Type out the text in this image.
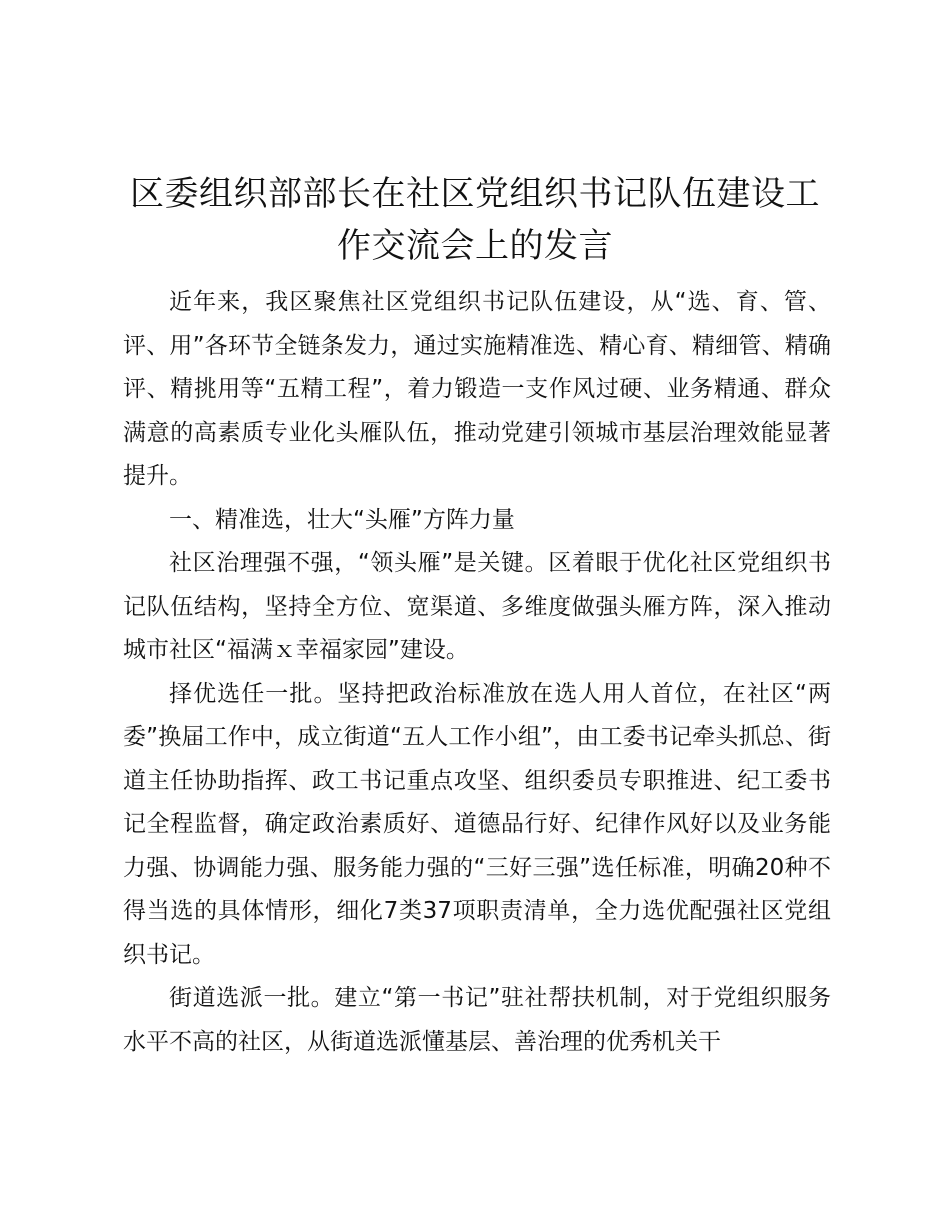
区委组织部部长在社区党组织书记队伍建设工作交流会上的发言

近年来，我区聚焦社区党组织书记队伍建设，从“选、育、管、评、用”各环节全链条发力，通过实施精准选、精心育、精细管、精确评、精挑用等“五精工程”，着力锻造一支作风过硬、业务精通、群众满意的高素质专业化头雁队伍，推动党建引领城市基层治理效能显著提升。

一、精准选，壮大“头雁”方阵力量

社区治理强不强，“领头雁”是关键。区着眼于优化社区党组织书记队伍结构，坚持全方位、宽渠道、多维度做强头雁方阵，深入推动城市社区“福满ｘ幸福家园”建设。

择优选任一批。坚持把政治标准放在选人用人首位，在社区“两委”换届工作中，成立街道“五人工作小组”，由工委书记牵头抓总、街道主任协助指挥、政工书记重点攻坚、组织委员专职推进、纪工委书记全程监督，确定政治素质好、道德品行好、纪律作风好以及业务能力强、协调能力强、服务能力强的“三好三强”选任标准，明确20种不得当选的具体情形，细化7类37项职责清单，全力选优配强社区党组织书记。

街道选派一批。建立“第一书记”驻社帮扶机制，对于党组织服务水平不高的社区，从街道选派懂基层、善治理的优秀机关干
